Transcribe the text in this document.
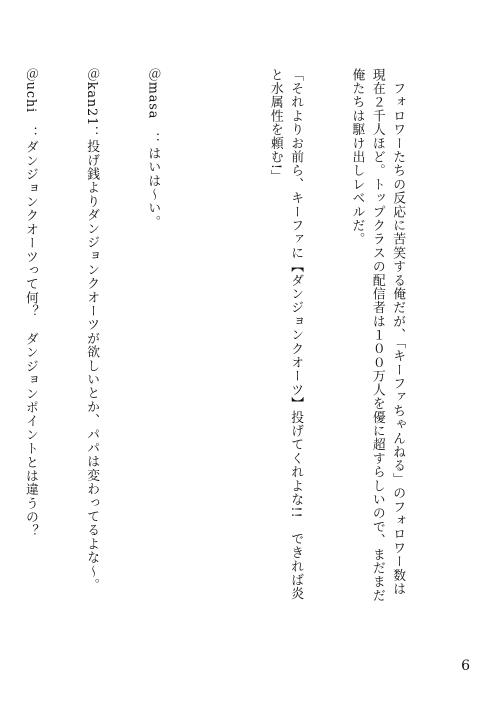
　フォロワーたちの反応に苦笑する俺だが、「キーファちゃんねる」のフォロワー数は現在２千人ほど。トップクラスの配信者は１００万人を優に超すらしいので、まだまだ俺たちは駆け出しレベルだ。

「それよりお前ら、キーファに【ダンジョンクオーツ】投げてくれよな!!　できれば炎と水属性を頼む!」

＠masa　：はいは～い。

＠kan21：投げ銭よりダンジョンクオーツが欲しいとか、パパは変わってるよな～。

＠uchi　：ダンジョンクオーツって何？　ダンジョンポイントとは違うの？

6
